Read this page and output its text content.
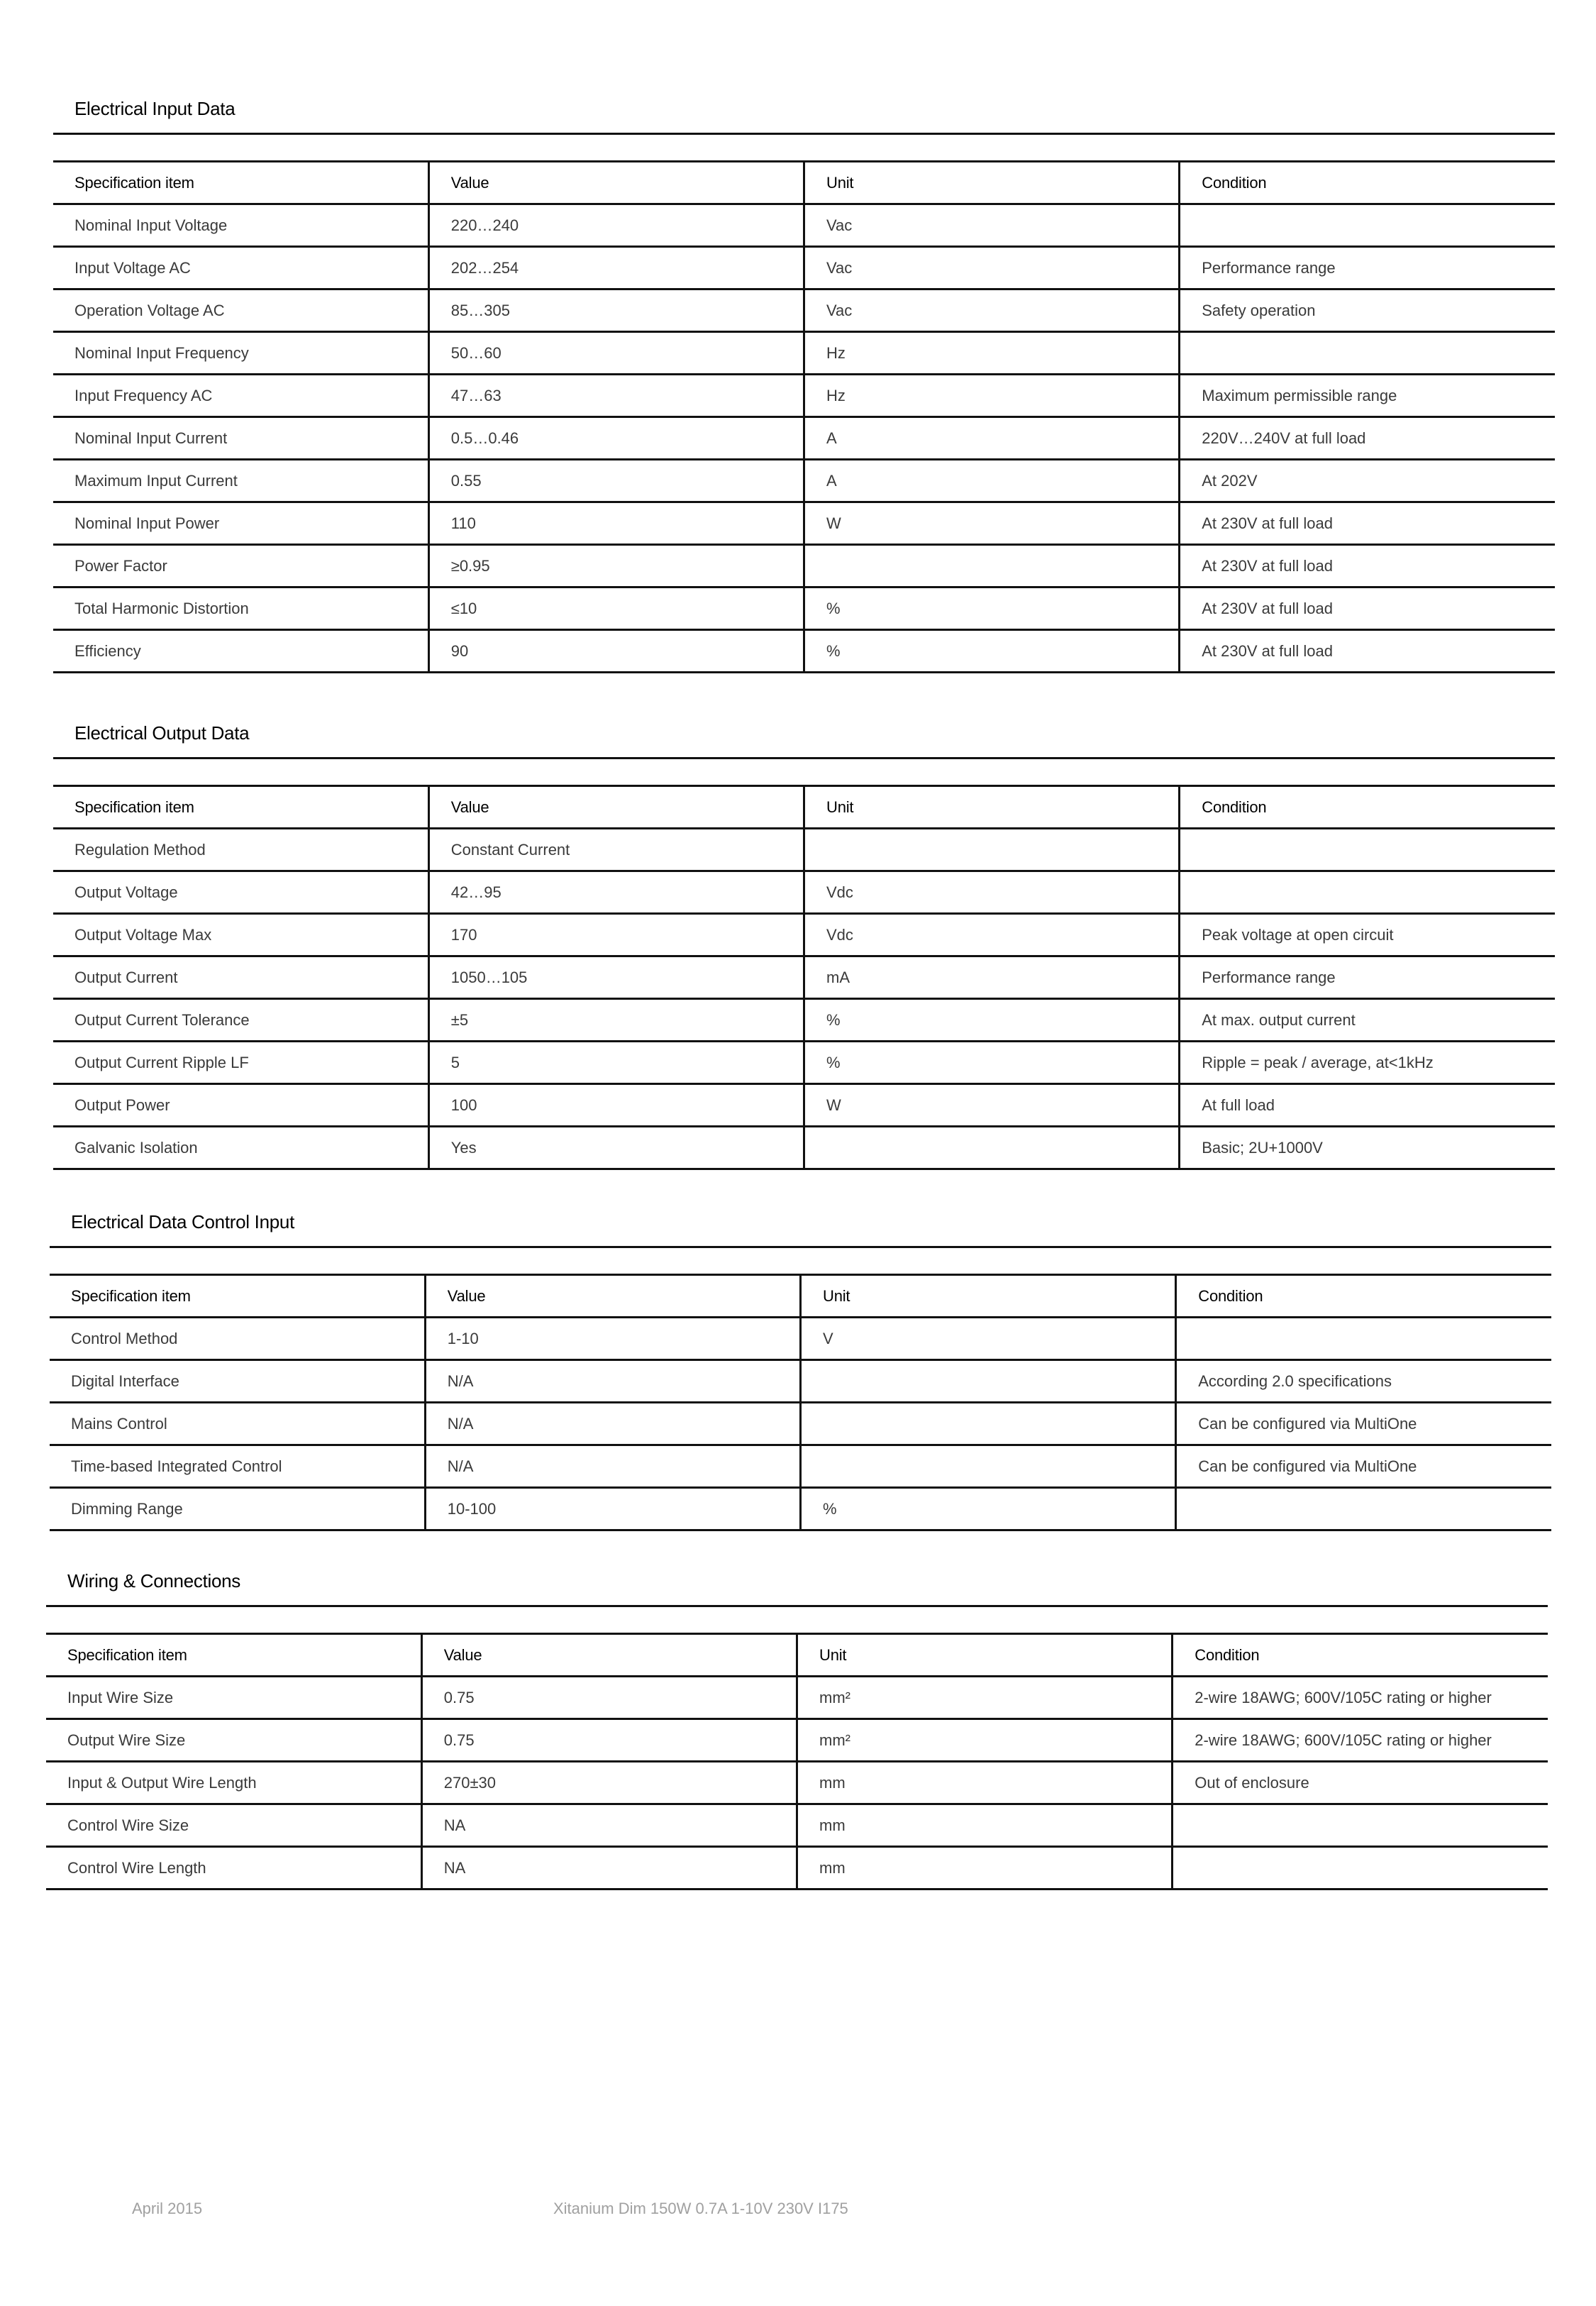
Electrical Input Data
Specification item	Value	Unit	Condition
Nominal Input Voltage	220…240	Vac	
Input Voltage AC	202…254	Vac	Performance range
Operation Voltage AC	85…305	Vac	Safety operation
Nominal Input Frequency	50…60	Hz	
Input Frequency AC	47…63	Hz	Maximum permissible range
Nominal Input Current	0.5…0.46	A	220V…240V at full load
Maximum Input Current	0.55	A	At 202V
Nominal Input Power	110	W	At 230V at full load
Power Factor	≥0.95		At 230V at full load
Total Harmonic Distortion	≤10	%	At 230V at full load
Efficiency	90	%	At 230V at full load
Electrical Output Data
Specification item	Value	Unit	Condition
Regulation Method	Constant Current		
Output Voltage	42…95	Vdc	
Output Voltage Max	170	Vdc	Peak voltage at open circuit
Output Current	1050…105	mA	Performance range
Output Current Tolerance	±5	%	At max. output current
Output Current Ripple LF	5	%	Ripple = peak / average, at<1kHz
Output Power	100	W	At full load
Galvanic Isolation	Yes		Basic; 2U+1000V
Electrical Data Control Input
Specification item	Value	Unit	Condition
Control Method	1-10	V	
Digital Interface	N/A		According 2.0 specifications
Mains Control	N/A		Can be configured via MultiOne
Time-based Integrated Control	N/A		Can be configured via MultiOne
Dimming Range	10-100	%	
Wiring & Connections
Specification item	Value	Unit	Condition
Input Wire Size	0.75	mm²	2-wire 18AWG; 600V/105C rating or higher
Output Wire Size	0.75	mm²	2-wire 18AWG; 600V/105C rating or higher
Input & Output Wire Length	270±30	mm	Out of enclosure
Control Wire Size	NA	mm	
Control Wire Length	NA	mm	
April 2015	Xitanium Dim 150W 0.7A 1-10V 230V I175
